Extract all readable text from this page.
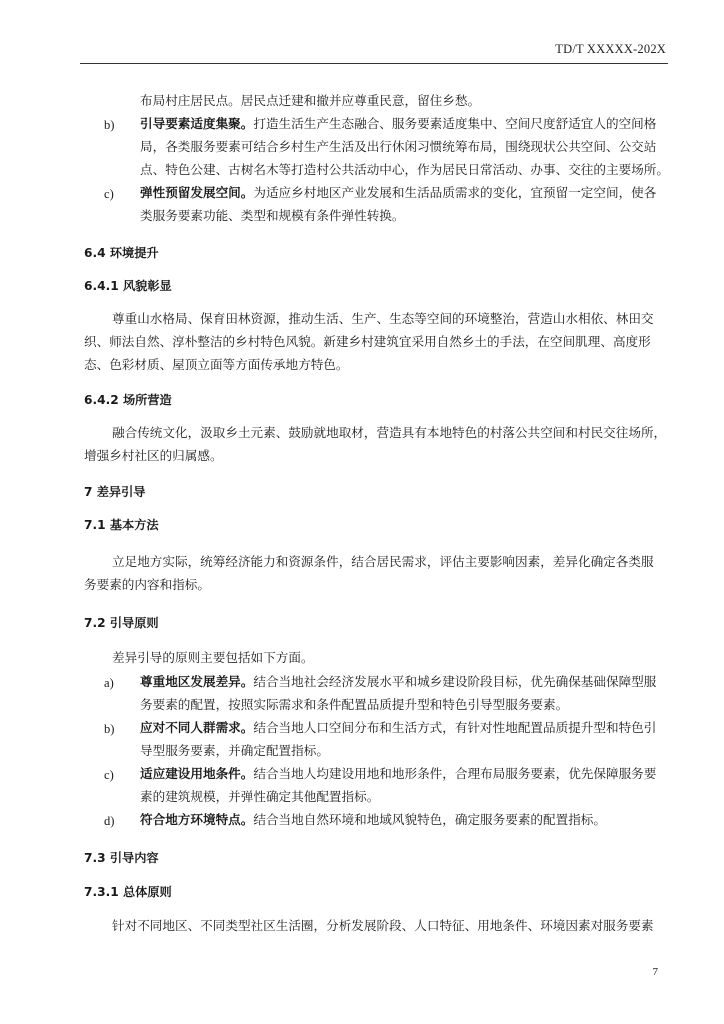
TD/T XXXXX-202X
布局村庄居民点。居民点迁建和撤并应尊重民意，留住乡愁。
b) 引导要素适度集聚。打造生活生产生态融合、服务要素适度集中、空间尺度舒适宜人的空间格
局，各类服务要素可结合乡村生产生活及出行休闲习惯统筹布局，围绕现状公共空间、公交站
点、特色公建、古树名木等打造村公共活动中心，作为居民日常活动、办事、交往的主要场所。
c) 弹性预留发展空间。为适应乡村地区产业发展和生活品质需求的变化，宜预留一定空间，使各
类服务要素功能、类型和规模有条件弹性转换。
6.4 环境提升
6.4.1 风貌彰显
尊重山水格局、保育田林资源，推动生活、生产、生态等空间的环境整治，营造山水相依、林田交
织、师法自然、淳朴整洁的乡村特色风貌。新建乡村建筑宜采用自然乡土的手法，在空间肌理、高度形
态、色彩材质、屋顶立面等方面传承地方特色。
6.4.2 场所营造
融合传统文化，汲取乡土元素、鼓励就地取材，营造具有本地特色的村落公共空间和村民交往场所，
增强乡村社区的归属感。
7 差异引导
7.1 基本方法
立足地方实际，统筹经济能力和资源条件，结合居民需求，评估主要影响因素，差异化确定各类服
务要素的内容和指标。
7.2 引导原则
差异引导的原则主要包括如下方面。
a) 尊重地区发展差异。结合当地社会经济发展水平和城乡建设阶段目标，优先确保基础保障型服
务要素的配置，按照实际需求和条件配置品质提升型和特色引导型服务要素。
b) 应对不同人群需求。结合当地人口空间分布和生活方式，有针对性地配置品质提升型和特色引
导型服务要素，并确定配置指标。
c) 适应建设用地条件。结合当地人均建设用地和地形条件，合理布局服务要素，优先保障服务要
素的建筑规模，并弹性确定其他配置指标。
d) 符合地方环境特点。结合当地自然环境和地域风貌特色，确定服务要素的配置指标。
7.3 引导内容
7.3.1 总体原则
针对不同地区、不同类型社区生活圈，分析发展阶段、人口特征、用地条件、环境因素对服务要素
7
